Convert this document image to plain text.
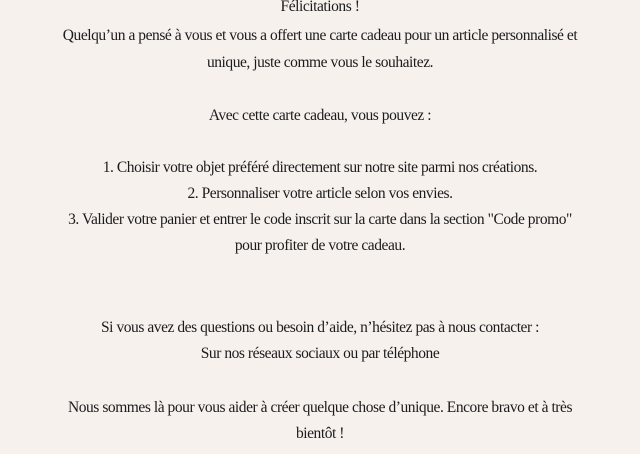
Félicitations !
Quelqu’un a pensé à vous et vous a offert une carte cadeau pour un article personnalisé et
unique, juste comme vous le souhaitez.
Avec cette carte cadeau, vous pouvez :
1. Choisir votre objet préféré directement sur notre site parmi nos créations.
2. Personnaliser votre article selon vos envies.
3. Valider votre panier et entrer le code inscrit sur la carte dans la section "Code promo"
pour profiter de votre cadeau.
Si vous avez des questions ou besoin d’aide, n’hésitez pas à nous contacter :
Sur nos réseaux sociaux ou par téléphone
Nous sommes là pour vous aider à créer quelque chose d’unique. Encore bravo et à très
bientôt !
